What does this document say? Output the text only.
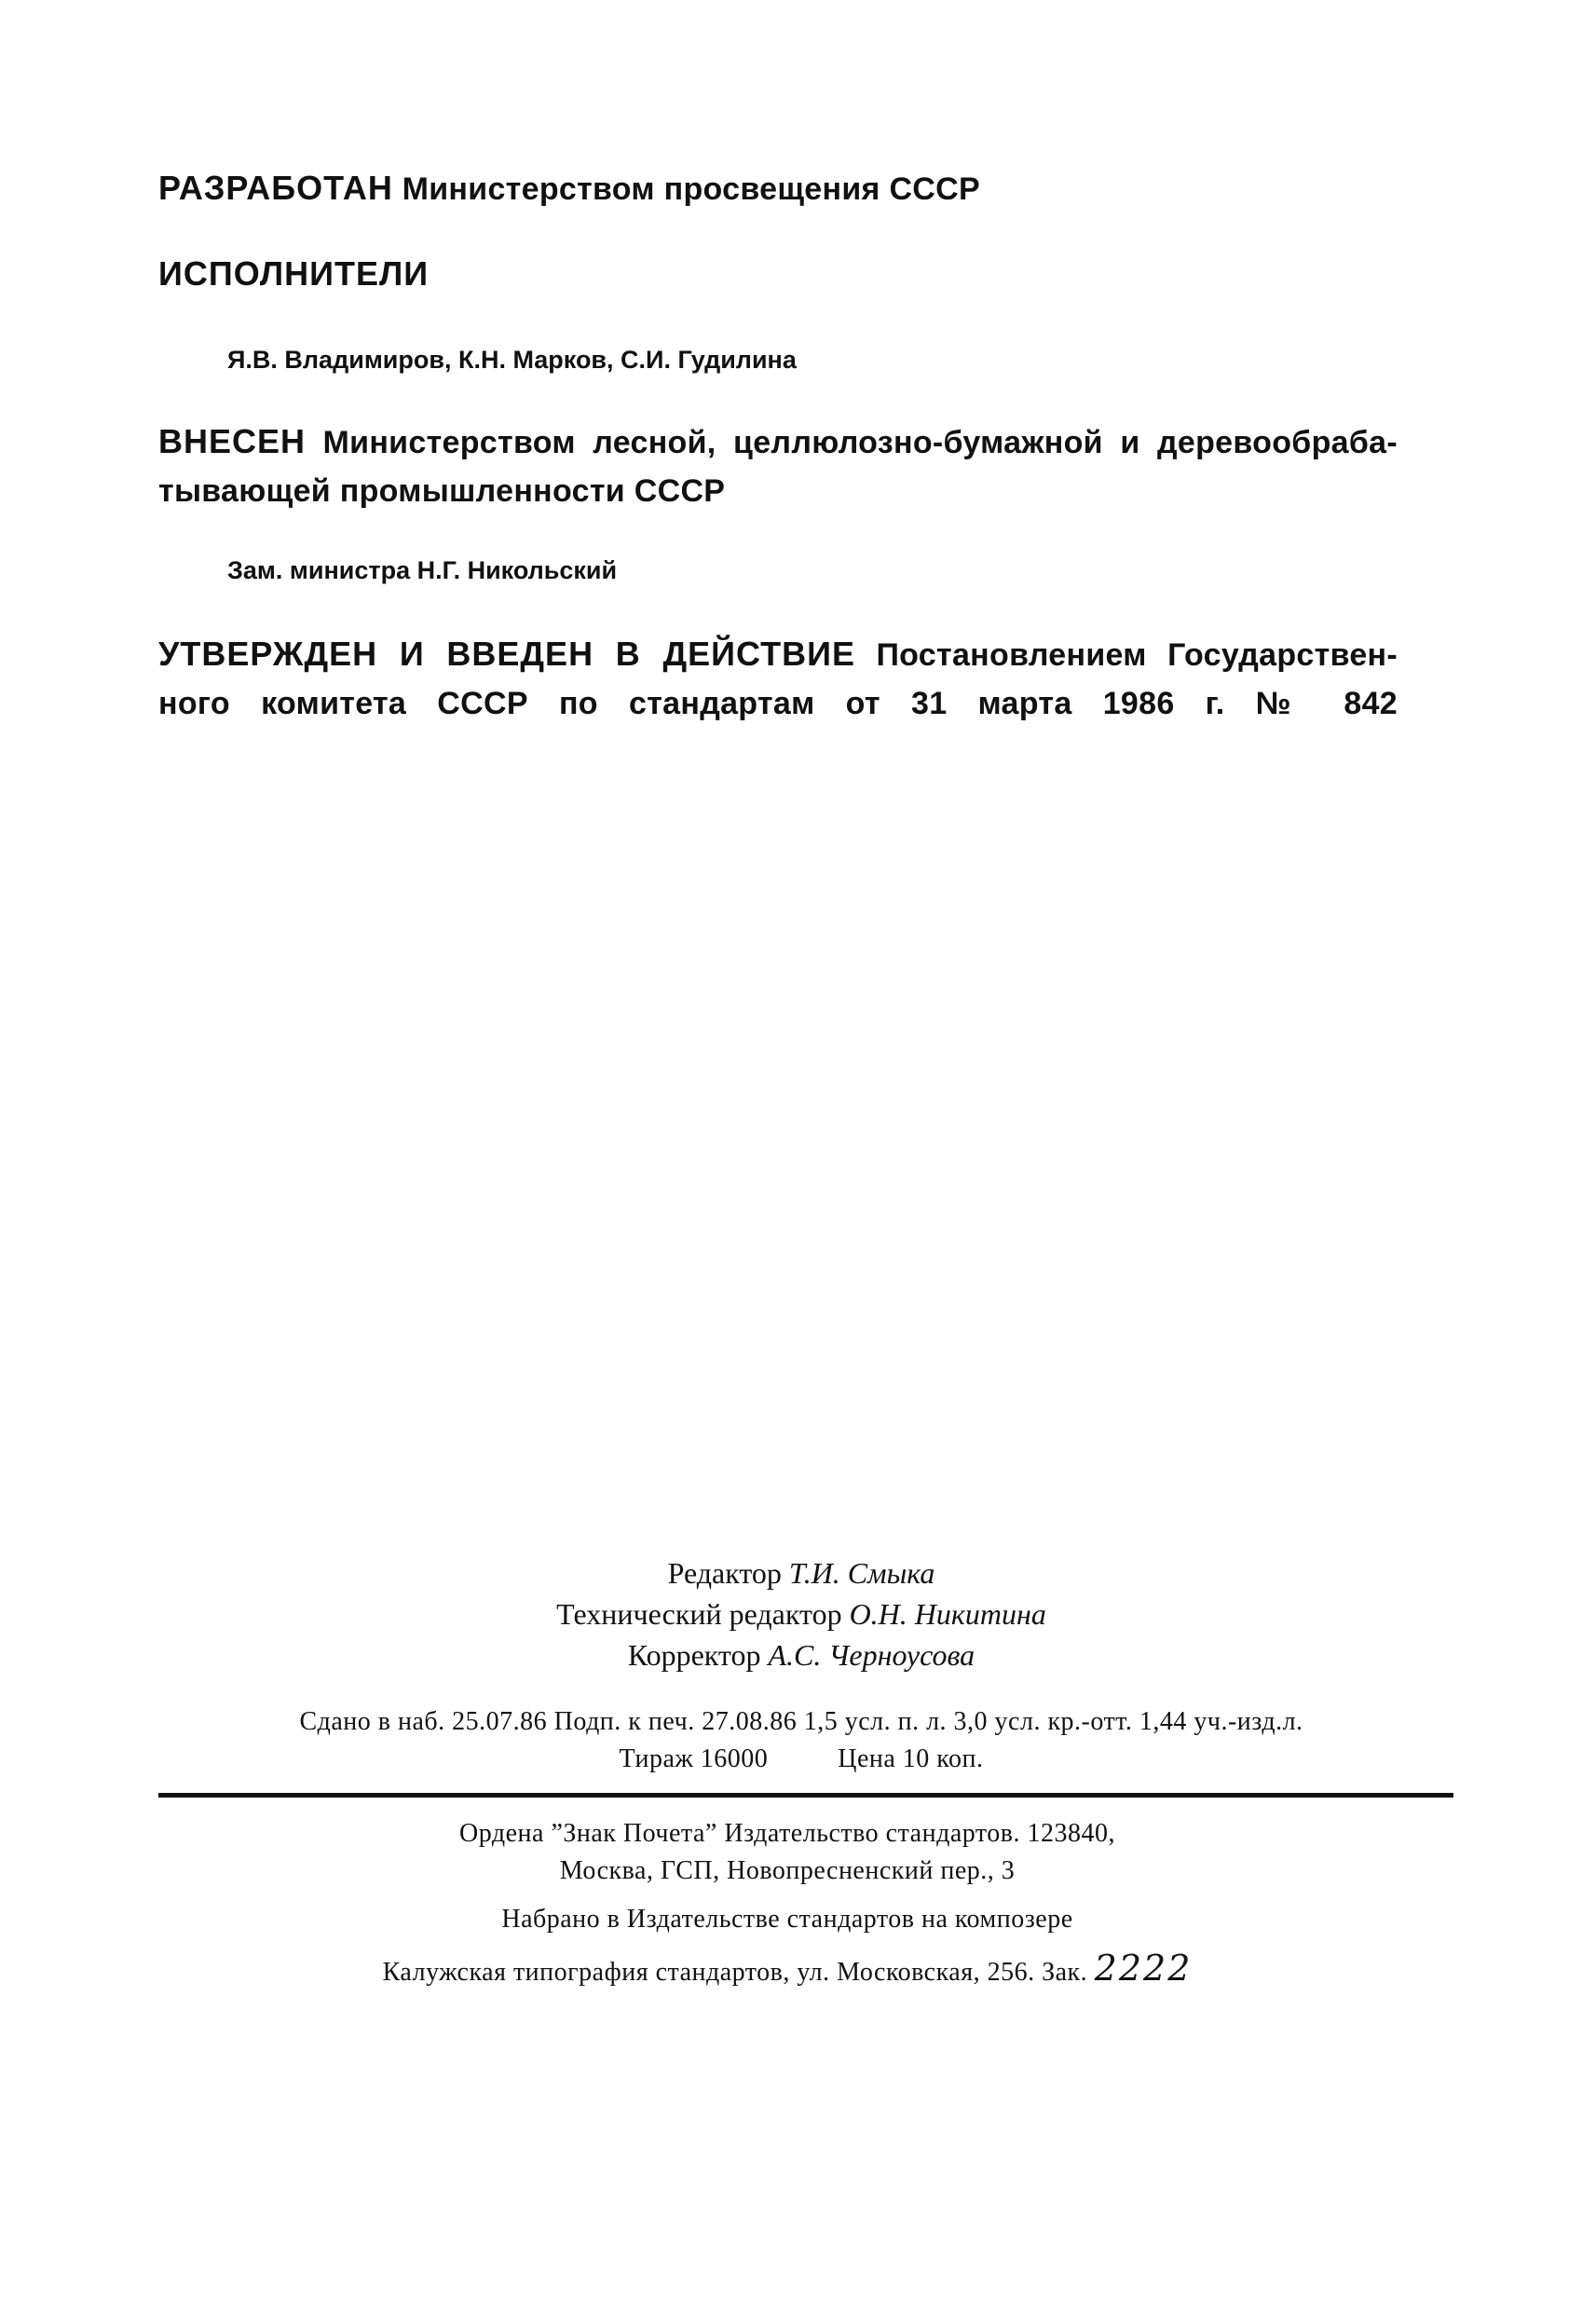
РАЗРАБОТАН Министерством просвещения СССР

ИСПОЛНИТЕЛИ

Я.В. Владимиров, К.Н. Марков, С.И. Гудилина

ВНЕСЕН Министерством лесной, целлюлозно-бумажной и деревообраба-
тывающей промышленности СССР

Зам. министра Н.Г. Никольский

УТВЕРЖДЕН И ВВЕДЕН В ДЕЙСТВИЕ Постановлением Государствен-
ного комитета СССР по стандартам от 31 марта 1986 г. № 842
Редактор Т.И. Смыка
Технический редактор О.Н. Никитина
Корректор А.С. Черноусова
Сдано в наб. 25.07.86 Подп. к печ. 27.08.86 1,5 усл. п. л. 3,0 усл. кр.-отт. 1,44 уч.-изд.л.
Тираж 16000	Цена 10 коп.
Ордена ”Знак Почета” Издательство стандартов. 123840,
Москва, ГСП, Новопресненский пер., 3
Набрано в Издательстве стандартов на композере
Калужская типография стандартов, ул. Московская, 256. Зак. 2222
